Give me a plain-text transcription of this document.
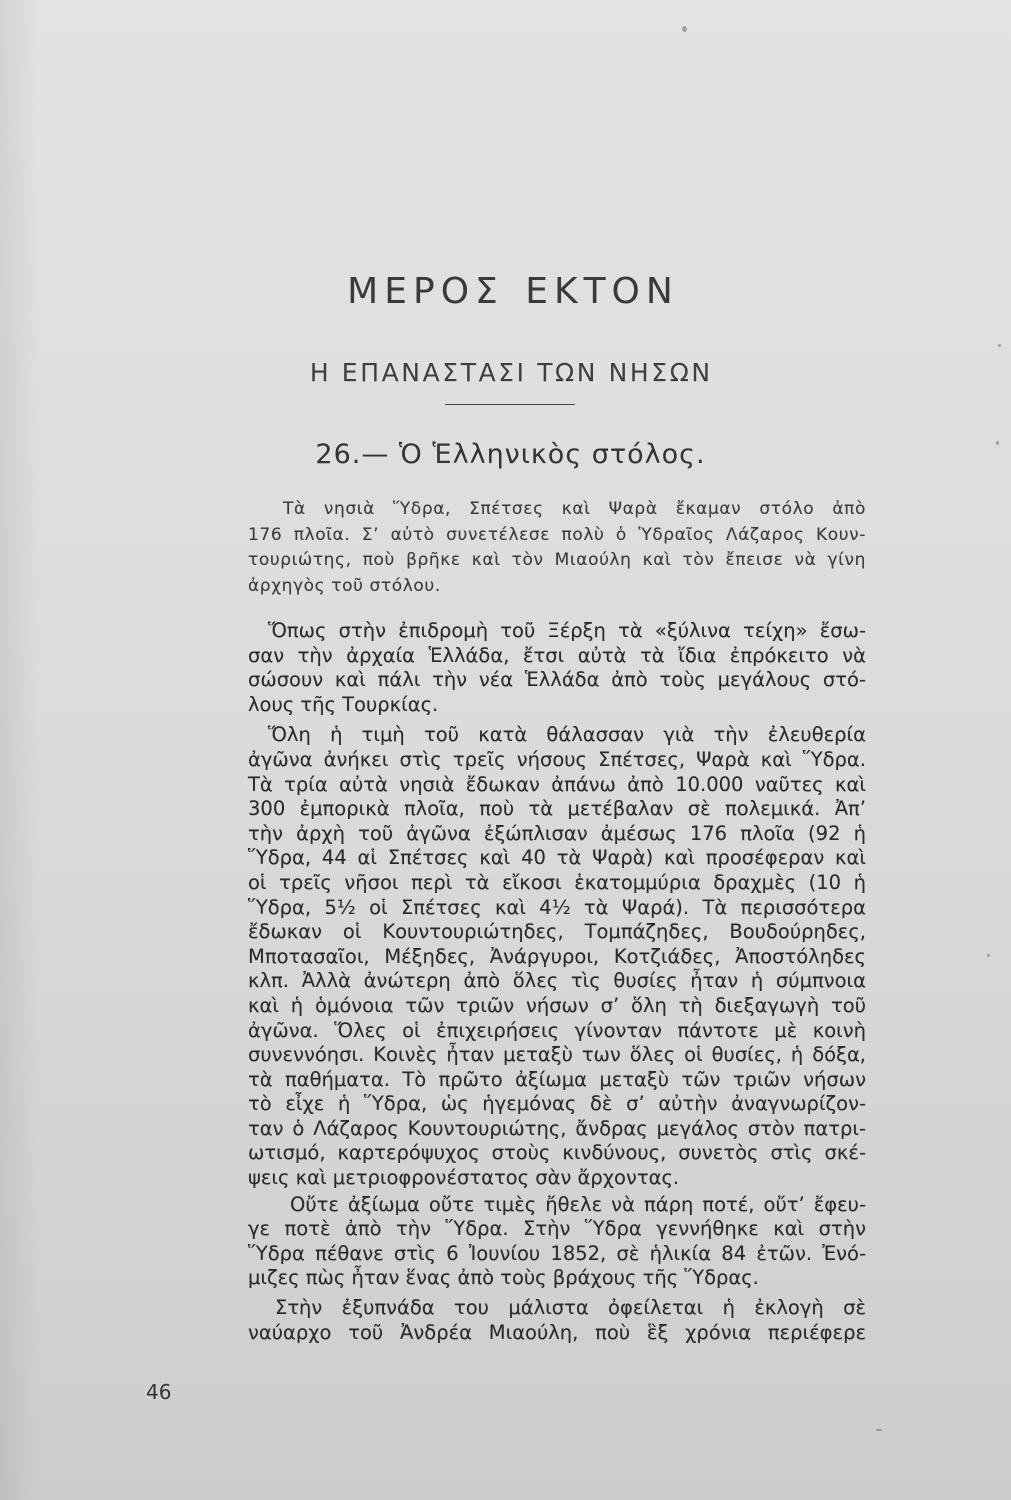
ΜΕΡΟΣ ΕΚΤΟΝ
Η ΕΠΑΝΑΣΤΑΣΙ ΤΩΝ ΝΗΣΩΝ
26.— Ὁ Ἑλληνικὸς στόλος.
Τὰ νησιὰ Ὕδρα, Σπέτσες καὶ Ψαρὰ ἔκαμαν στόλο ἀπὸ
176 πλοῖα. Σ’ αὐτὸ συνετέλεσε πολὺ ὁ Ὑδραῖος Λάζαρος Κουν-
τουριώτης, ποὺ βρῆκε καὶ τὸν Μιαούλη καὶ τὸν ἔπεισε νὰ γίνη
ἀρχηγὸς τοῦ στόλου.
Ὅπως στὴν ἐπιδρομὴ τοῦ Ξέρξη τὰ «ξύλινα τείχη» ἔσω-
σαν τὴν ἀρχαία Ἑλλάδα, ἔτσι αὐτὰ τὰ ἴδια ἐπρόκειτο νὰ
σώσουν καὶ πάλι τὴν νέα Ἑλλάδα ἀπὸ τοὺς μεγάλους στό-
λους τῆς Τουρκίας.
Ὅλη ἡ τιμὴ τοῦ κατὰ θάλασσαν γιὰ τὴν ἐλευθερία
ἀγῶνα ἀνήκει στὶς τρεῖς νήσους Σπέτσες, Ψαρὰ καὶ Ὕδρα.
Τὰ τρία αὐτὰ νησιὰ ἔδωκαν ἀπάνω ἀπὸ 10.000 ναῦτες καὶ
300 ἐμπορικὰ πλοῖα, ποὺ τὰ μετέβαλαν σὲ πολεμικά. Ἀπ’
τὴν ἀρχὴ τοῦ ἀγῶνα ἐξώπλισαν ἀμέσως 176 πλοῖα (92 ἡ
Ὕδρα, 44 αἱ Σπέτσες καὶ 40 τὰ Ψαρὰ) καὶ προσέφεραν καὶ
οἱ τρεῖς νῆσοι περὶ τὰ εἴκοσι ἑκατομμύρια δραχμὲς (10 ἡ
Ὕδρα, 5½ οἱ Σπέτσες καὶ 4½ τὰ Ψαρά). Τὰ περισσότερα
ἔδωκαν οἱ Κουντουριώτηδες, Τομπάζηδες, Βουδούρηδες,
Μποτασαῖοι, Μέξηδες, Ἀνάργυροι, Κοτζιάδες, Ἀποστόληδες
κλπ. Ἀλλὰ ἀνώτερη ἀπὸ ὅλες τὶς θυσίες ἦταν ἡ σύμπνοια
καὶ ἡ ὁμόνοια τῶν τριῶν νήσων σ’ ὅλη τὴ διεξαγωγὴ τοῦ
ἀγῶνα. Ὅλες οἱ ἐπιχειρήσεις γίνονταν πάντοτε μὲ κοινὴ
συνεννόησι. Κοινὲς ἦταν μεταξὺ των ὅλες οἱ θυσίες, ἡ δόξα,
τὰ παθήματα. Τὸ πρῶτο ἀξίωμα μεταξὺ τῶν τριῶν νήσων
τὸ εἶχε ἡ Ὕδρα, ὡς ἡγεμόνας δὲ σ’ αὐτὴν ἀναγνωρίζον-
ταν ὁ Λάζαρος Κουντουριώτης, ἄνδρας μεγάλος στὸν πατρι-
ωτισμό, καρτερόψυχος στοὺς κινδύνους, συνετὸς στὶς σκέ-
ψεις καὶ μετριοφρονέστατος σὰν ἄρχοντας.
Οὔτε ἀξίωμα οὔτε τιμὲς ἤθελε νὰ πάρη ποτέ, οὔτ’ ἔφευ-
γε ποτὲ ἀπὸ τὴν Ὕδρα. Στὴν Ὕδρα γεννήθηκε καὶ στὴν
Ὕδρα πέθανε στὶς 6 Ἰουνίου 1852, σὲ ἡλικία 84 ἐτῶν. Ἐνό-
μιζες πὼς ἦταν ἕνας ἀπὸ τοὺς βράχους τῆς Ὕδρας.
Στὴν ἐξυπνάδα του μάλιστα ὀφείλεται ἡ ἐκλογὴ σὲ
ναύαρχο τοῦ Ἀνδρέα Μιαούλη, ποὺ ἓξ χρόνια περιέφερε
46
